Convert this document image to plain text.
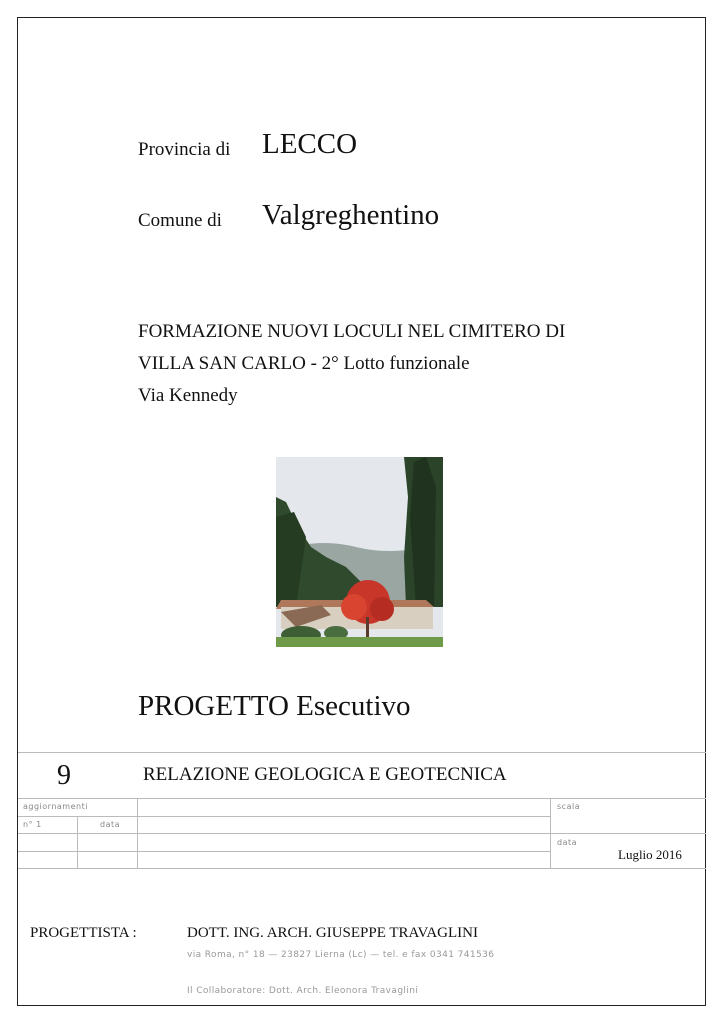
Provincia di LECCO
Comune di Valgreghentino
FORMAZIONE NUOVI LOCULI NEL CIMITERO DI
VILLA SAN CARLO - 2° Lotto funzionale
Via Kennedy
PROGETTO Esecutivo
9	RELAZIONE GEOLOGICA E GEOTECNICA
aggiornamenti
n° 1	data
scala
data
Luglio 2016
PROGETTISTA :	DOTT. ING. ARCH. GIUSEPPE TRAVAGLINI
via Roma, n° 18 — 23827 Lierna (Lc) — tel. e fax 0341 741536
Il Collaboratore: Dott. Arch. Eleonora Travaglini
